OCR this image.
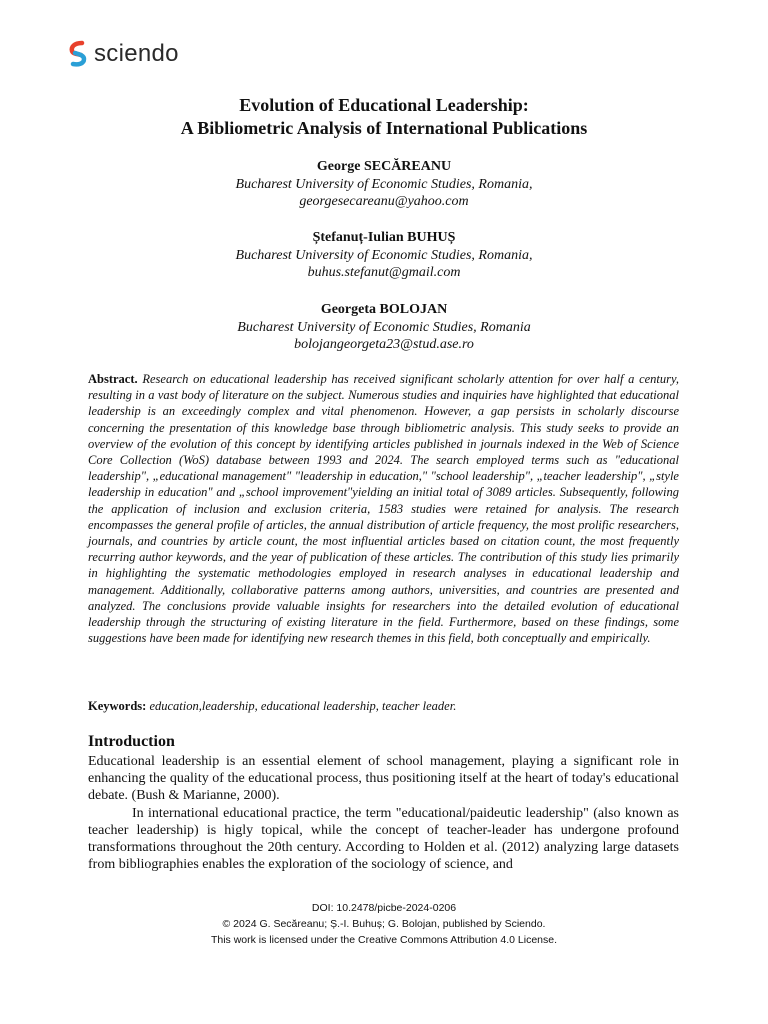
sciendo
Evolution of Educational Leadership:
A Bibliometric Analysis of International Publications
George SECĂREANU
Bucharest University of Economic Studies, Romania,
georgesecareanu@yahoo.com
Ștefanuț-Iulian BUHUȘ
Bucharest University of Economic Studies, Romania,
buhus.stefanut@gmail.com
Georgeta BOLOJAN
Bucharest University of Economic Studies, Romania
bolojangeorgeta23@stud.ase.ro
Abstract. Research on educational leadership has received significant scholarly attention for over half a century, resulting in a vast body of literature on the subject. Numerous studies and inquiries have highlighted that educational leadership is an exceedingly complex and vital phenomenon. However, a gap persists in scholarly discourse concerning the presentation of this knowledge base through bibliometric analysis. This study seeks to provide an overview of the evolution of this concept by identifying articles published in journals indexed in the Web of Science Core Collection (WoS) database between 1993 and 2024. The search employed terms such as "educational leadership", „educational management" "leadership in education," "school leadership", „teacher leadership", „style leadership in education" and „school improvement"yielding an initial total of 3089 articles. Subsequently, following the application of inclusion and exclusion criteria, 1583 studies were retained for analysis. The research encompasses the general profile of articles, the annual distribution of article frequency, the most prolific researchers, journals, and countries by article count, the most influential articles based on citation count, the most frequently recurring author keywords, and the year of publication of these articles. The contribution of this study lies primarily in highlighting the systematic methodologies employed in research analyses in educational leadership and management. Additionally, collaborative patterns among authors, universities, and countries are presented and analyzed. The conclusions provide valuable insights for researchers into the detailed evolution of educational leadership through the structuring of existing literature in the field. Furthermore, based on these findings, some suggestions have been made for identifying new research themes in this field, both conceptually and empirically.
Keywords: education,leadership, educational leadership, teacher leader.
Introduction

Educational leadership is an essential element of school management, playing a significant role in enhancing the quality of the educational process, thus positioning itself at the heart of today's educational debate. (Bush & Marianne, 2000).

In international educational practice, the term "educational/paideutic leadership" (also known as teacher leadership) is higly topical, while the concept of teacher-leader has undergone profound transformations throughout the 20th century. According to Holden et al. (2012) analyzing large datasets from bibliographies enables the exploration of the sociology of science, and

DOI: 10.2478/picbe-2024-0206
© 2024 G. Secăreanu; Ș.-I. Buhuș; G. Bolojan, published by Sciendo.
This work is licensed under the Creative Commons Attribution 4.0 License.
